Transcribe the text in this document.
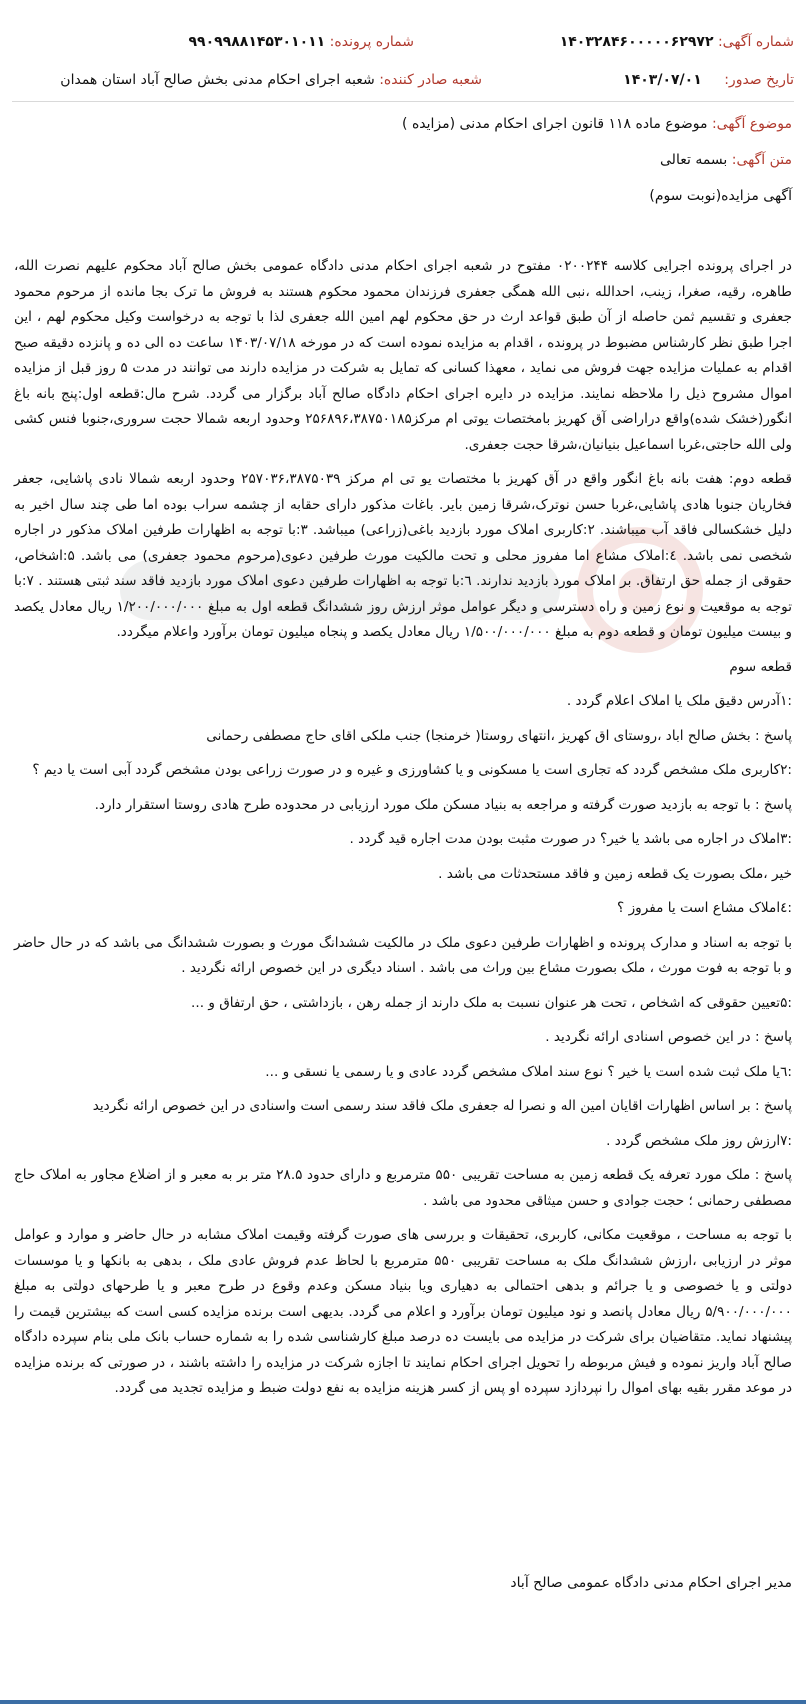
شماره آگهی: ۱۴۰۳۲۸۴۶۰۰۰۰۰۶۲۹۷۲
شماره پرونده: ۹۹۰۹۹۸۸۱۴۵۳۰۱۰۱۱
تاریخ صدور: ۱۴۰۳/۰۷/۰۱
شعبه صادر کننده: شعبه اجرای احکام مدنی بخش صالح آباد استان همدان
موضوع آگهی: موضوع ماده ۱۱۸ قانون اجرای احکام مدنی (مزایده )
متن آگهی: بسمه تعالی
آگهی مزایده(نوبت سوم)

در اجرای پرونده اجرایی کلاسه ۰۲۰۰۲۴۴ مفتوح در شعبه اجرای احکام مدنی دادگاه عمومی بخش صالح آباد محکوم علیهم نصرت الله، طاهره، رقیه، صغرا، زینب، احدالله ،نبی الله همگی جعفری فرزندان محمود محکوم هستند به فروش ما ترک بجا مانده از مرحوم محمود جعفری و تقسیم ثمن حاصله از آن طبق قواعد ارث در حق محکوم لهم امین الله جعفری لذا با توجه به درخواست وکیل محکوم لهم ، این اجرا طبق نظر کارشناس مضبوط در پرونده ، اقدام به مزایده نموده است که در مورخه ۱۴۰۳/۰۷/۱۸ ساعت ده الی ده و پانزده دقیقه صبح اقدام به عملیات مزایده جهت فروش می نماید ، معهذا کسانی که تمایل به شرکت در مزایده دارند می توانند در مدت ۵ روز قبل از مزایده اموال مشروح ذیل را ملاحظه نمایند. مزایده در دایره اجرای احکام دادگاه صالح آباد برگزار می گردد. شرح مال:قطعه اول:پنج بانه باغ انگور(خشک شده)واقع دراراضی آق کهریز بامختصات یوتی ام مرکز۲۵۶۸۹۶،۳۸۷۵۰۱۸۵ وحدود اربعه شمالا حجت سروری،جنوبا فنس کشی ولی الله حاجتی،غربا اسماعیل بنیانیان،شرقا حجت جعفری.

قطعه دوم: هفت بانه باغ انگور واقع در آق کهریز با مختصات یو تی ام مرکز ۲۵۷۰۳۶،۳۸۷۵۰۳۹ وحدود اربعه شمالا نادی پاشایی، جعفر فخاریان جنوبا هادی پاشایی،غربا حسن نوترک،شرقا زمین بایر. باغات مذکور دارای حقابه از چشمه سراب بوده اما طی چند سال اخیر به دلیل خشکسالی فاقد آب میباشند. ۲:کاربری املاک مورد بازدید باغی(زراعی) میباشد. ۳:با توجه به اظهارات طرفین املاک مذکور در اجاره شخصی نمی باشد. ٤:املاک مشاع اما مفروز محلی و تحت مالکیت مورث طرفین دعوی(مرحوم محمود جعفری) می باشد. ۵:اشخاص، حقوقی از جمله حق ارتفاق. بر املاک مورد بازدید ندارند. ٦:با توجه به اظهارات طرفین دعوی املاک مورد بازدید فاقد سند ثبتی هستند . ۷:با توجه به موقعیت و نوع زمین و راه دسترسی و دیگر عوامل موثر ارزش روز ششدانگ قطعه اول به مبلغ ۱/۲۰۰/۰۰۰/۰۰۰ ریال معادل یکصد و بیست میلیون تومان و قطعه دوم به مبلغ ۱/۵۰۰/۰۰۰/۰۰۰ ریال معادل یکصد و پنجاه میلیون تومان برآورد واعلام میگردد.

قطعه سوم

:۱آدرس دقیق ملک یا املاک اعلام گردد .

پاسخ : بخش صالح اباد ،روستای اق کهریز ،انتهای روستا( خرمنجا) جنب ملکی اقای حاج مصطفی رحمانی

:۲کاربری ملک مشخص گردد که تجاری است یا مسکونی و یا کشاورزی و غیره و در صورت زراعی بودن مشخص گردد آبی است یا دیم ؟

پاسخ : با توجه به بازدید صورت گرفته و مراجعه به بنیاد مسکن ملک مورد ارزیابی در محدوده طرح هادی روستا استقرار دارد.

:۳املاک در اجاره می باشد یا خیر؟ در صورت مثبت بودن مدت اجاره قید گردد .

خیر ،ملک بصورت یک قطعه زمین و فاقد مستحدثات می باشد .

:٤املاک مشاع است یا مفروز ؟

با توجه به اسناد و مدارک پرونده و اظهارات طرفین دعوی ملک در مالکیت ششدانگ مورث و بصورت ششدانگ می باشد که در حال حاضر و با توجه به فوت مورث ، ملک بصورت مشاع بین وراث می باشد . اسناد دیگری در این خصوص ارائه نگردید .

:۵تعیین حقوقی که اشخاص ، تحت هر عنوان نسبت به ملک دارند از جمله رهن ، بازداشتی ، حق ارتفاق و ...

پاسخ : در این خصوص اسنادی ارائه نگردید .

:٦یا ملک ثبت شده است یا خیر ؟ نوع سند املاک مشخص گردد عادی و یا رسمی یا نسقی و ...

پاسخ : بر اساس اظهارات اقایان امین اله و نصرا له جعفری ملک فاقد سند رسمی است واسنادی در این خصوص ارائه نگردید

:۷ارزش روز ملک مشخص گردد .

پاسخ : ملک مورد تعرفه یک قطعه زمین به مساحت تقریبی ۵۵۰ مترمربع و دارای حدود ۲۸.۵ متر بر به معبر و از اضلاع مجاور به املاک حاج مصطفی رحمانی ؛ حجت جوادی و حسن میثاقی محدود می باشد .

با توجه به مساحت ، موقعیت مکانی، کاربری، تحقیقات و بررسی های صورت گرفته وقیمت املاک مشابه در حال حاضر و موارد و عوامل موثر در ارزیابی ،ارزش ششدانگ ملک به مساحت تقریبی ۵۵۰ مترمربع با لحاظ عدم فروش عادی ملک ، بدهی به بانکها و یا موسسات دولتی و یا خصوصی و یا جرائم و بدهی احتمالی به دهیاری ویا بنیاد مسکن وعدم وقوع در طرح معبر و یا طرحهای دولتی به مبلغ ۵/۹۰۰/۰۰۰/۰۰۰ ریال معادل پانصد و نود میلیون تومان برآورد و اعلام می گردد. بدیهی است برنده مزایده کسی است که بیشترین قیمت را پیشنهاد نماید. متقاضیان برای شرکت در مزایده می بایست ده درصد مبلغ کارشناسی شده را به شماره حساب بانک ملی بنام سپرده دادگاه صالح آباد واریز نموده و فیش مربوطه را تحویل اجرای احکام نمایند تا اجازه شرکت در مزایده را داشته باشند ، در صورتی که برنده مزایده در موعد مقرر بقیه بهای اموال را نپردازد سپرده او پس از کسر هزینه مزایده به نفع دولت ضبط و مزایده تجدید می گردد.

مدیر اجرای احکام مدنی دادگاه عمومی صالح آباد
